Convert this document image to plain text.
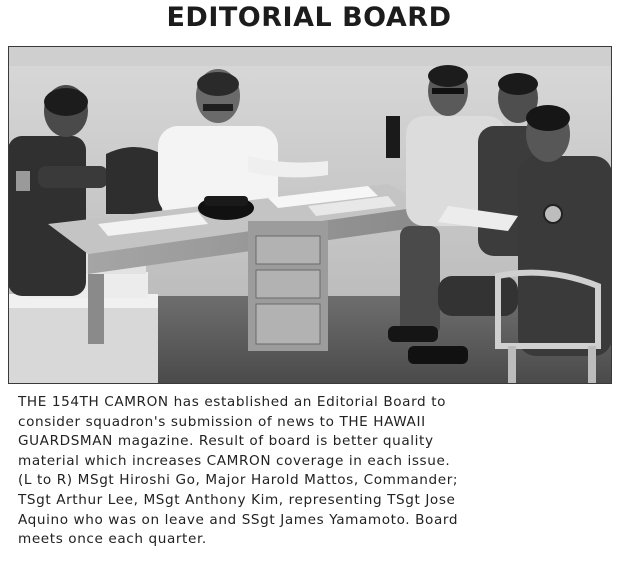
EDITORIAL BOARD

THE 154TH CAMRON has established an Editorial Board to
consider squadron's submission of news to THE HAWAII
GUARDSMAN magazine. Result of board is better quality
material which increases CAMRON coverage in each issue.
(L to R) MSgt Hiroshi Go, Major Harold Mattos, Commander;
TSgt Arthur Lee, MSgt Anthony Kim, representing TSgt Jose
Aquino who was on leave and SSgt James Yamamoto. Board
meets once each quarter.
